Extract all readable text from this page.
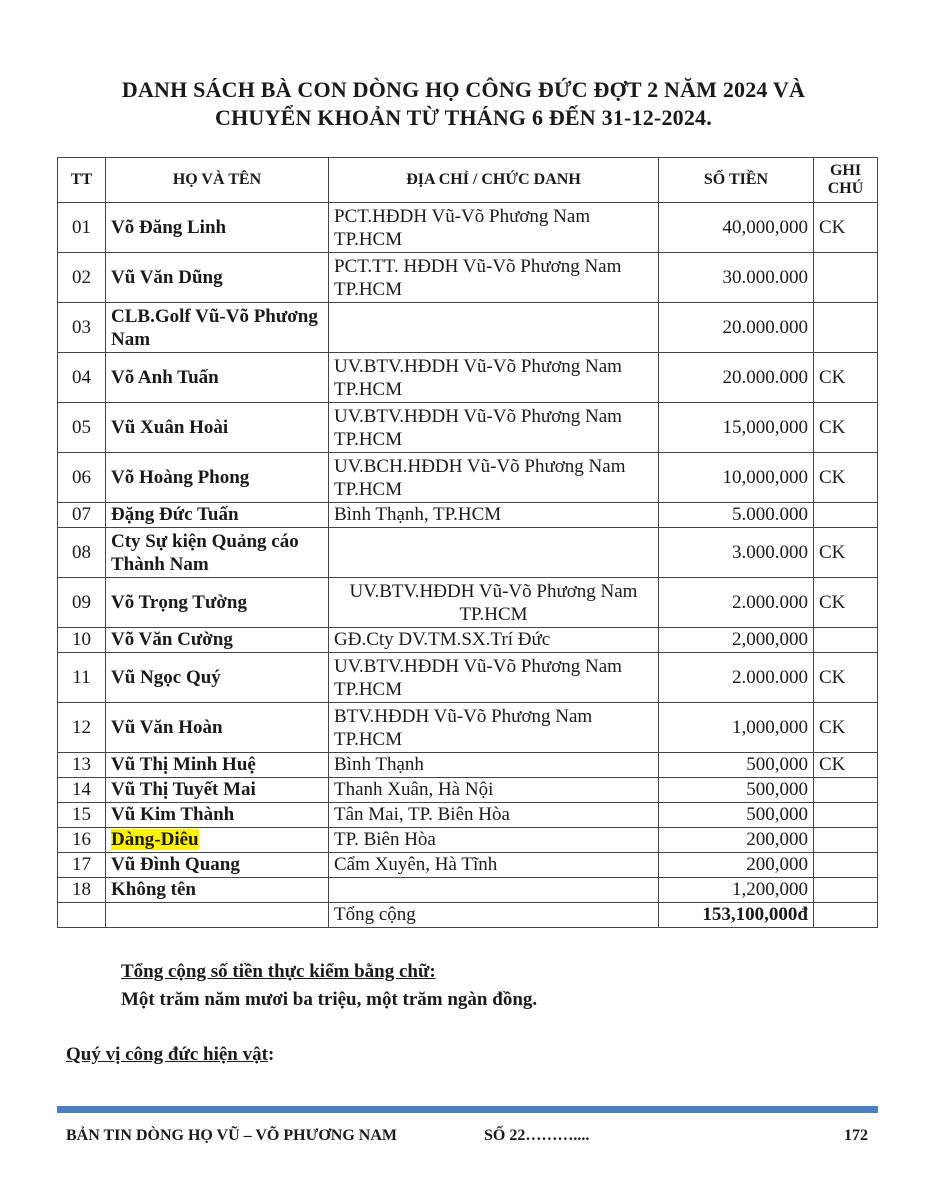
DANH SÁCH BÀ CON DÒNG HỌ CÔNG ĐỨC ĐỢT 2 NĂM 2024 VÀ
CHUYỂN KHOẢN TỪ THÁNG 6 ĐẾN 31-12-2024.
TT	HỌ VÀ TÊN	ĐỊA CHỈ / CHỨC DANH	SỐ TIỀN	GHI
CHÚ
01	Võ Đăng Linh	PCT.HĐDH Vũ-Võ Phương Nam TP.HCM	40,000,000	CK
02	Vũ Văn Dũng	PCT.TT. HĐDH Vũ-Võ Phương Nam TP.HCM	30.000.000	
03	CLB.Golf Vũ-Võ Phương Nam		20.000.000	
04	Võ Anh Tuấn	UV.BTV.HĐDH Vũ-Võ Phương Nam TP.HCM	20.000.000	CK
05	Vũ Xuân Hoài	UV.BTV.HĐDH Vũ-Võ Phương Nam TP.HCM	15,000,000	CK
06	Võ Hoàng Phong	UV.BCH.HĐDH Vũ-Võ Phương Nam TP.HCM	10,000,000	CK
07	Đặng Đức Tuấn	Bình Thạnh, TP.HCM	5.000.000	
08	Cty Sự kiện Quảng cáo Thành Nam		3.000.000	CK
09	Võ Trọng Tường	UV.BTV.HĐDH Vũ-Võ Phương Nam TP.HCM	2.000.000	CK
10	Võ Văn Cường	GĐ.Cty DV.TM.SX.Trí Đức	2,000,000	
11	Vũ Ngọc Quý	UV.BTV.HĐDH Vũ-Võ Phương Nam TP.HCM	2.000.000	CK
12	Vũ Văn Hoàn	BTV.HĐDH Vũ-Võ Phương Nam TP.HCM	1,000,000	CK
13	Vũ Thị Minh Huệ	Bình Thạnh	500,000	CK
14	Vũ Thị Tuyết Mai	Thanh Xuân, Hà Nội	500,000	
15	Vũ Kim Thành	Tân Mai, TP. Biên Hòa	500,000	
16	Dàng-Diêu	TP. Biên Hòa	200,000	
17	Vũ Đình Quang	Cẩm Xuyên, Hà Tĩnh	200,000	
18	Không tên		1,200,000	
		Tổng cộng	153,100,000đ	
Tổng cộng số tiền thực kiểm bằng chữ:
Một trăm năm mươi ba triệu, một trăm ngàn đồng.
Quý vị công đức hiện vật:
BẢN TIN DÒNG HỌ VŨ – VÕ PHƯƠNG NAM	SỐ 22………....	172
